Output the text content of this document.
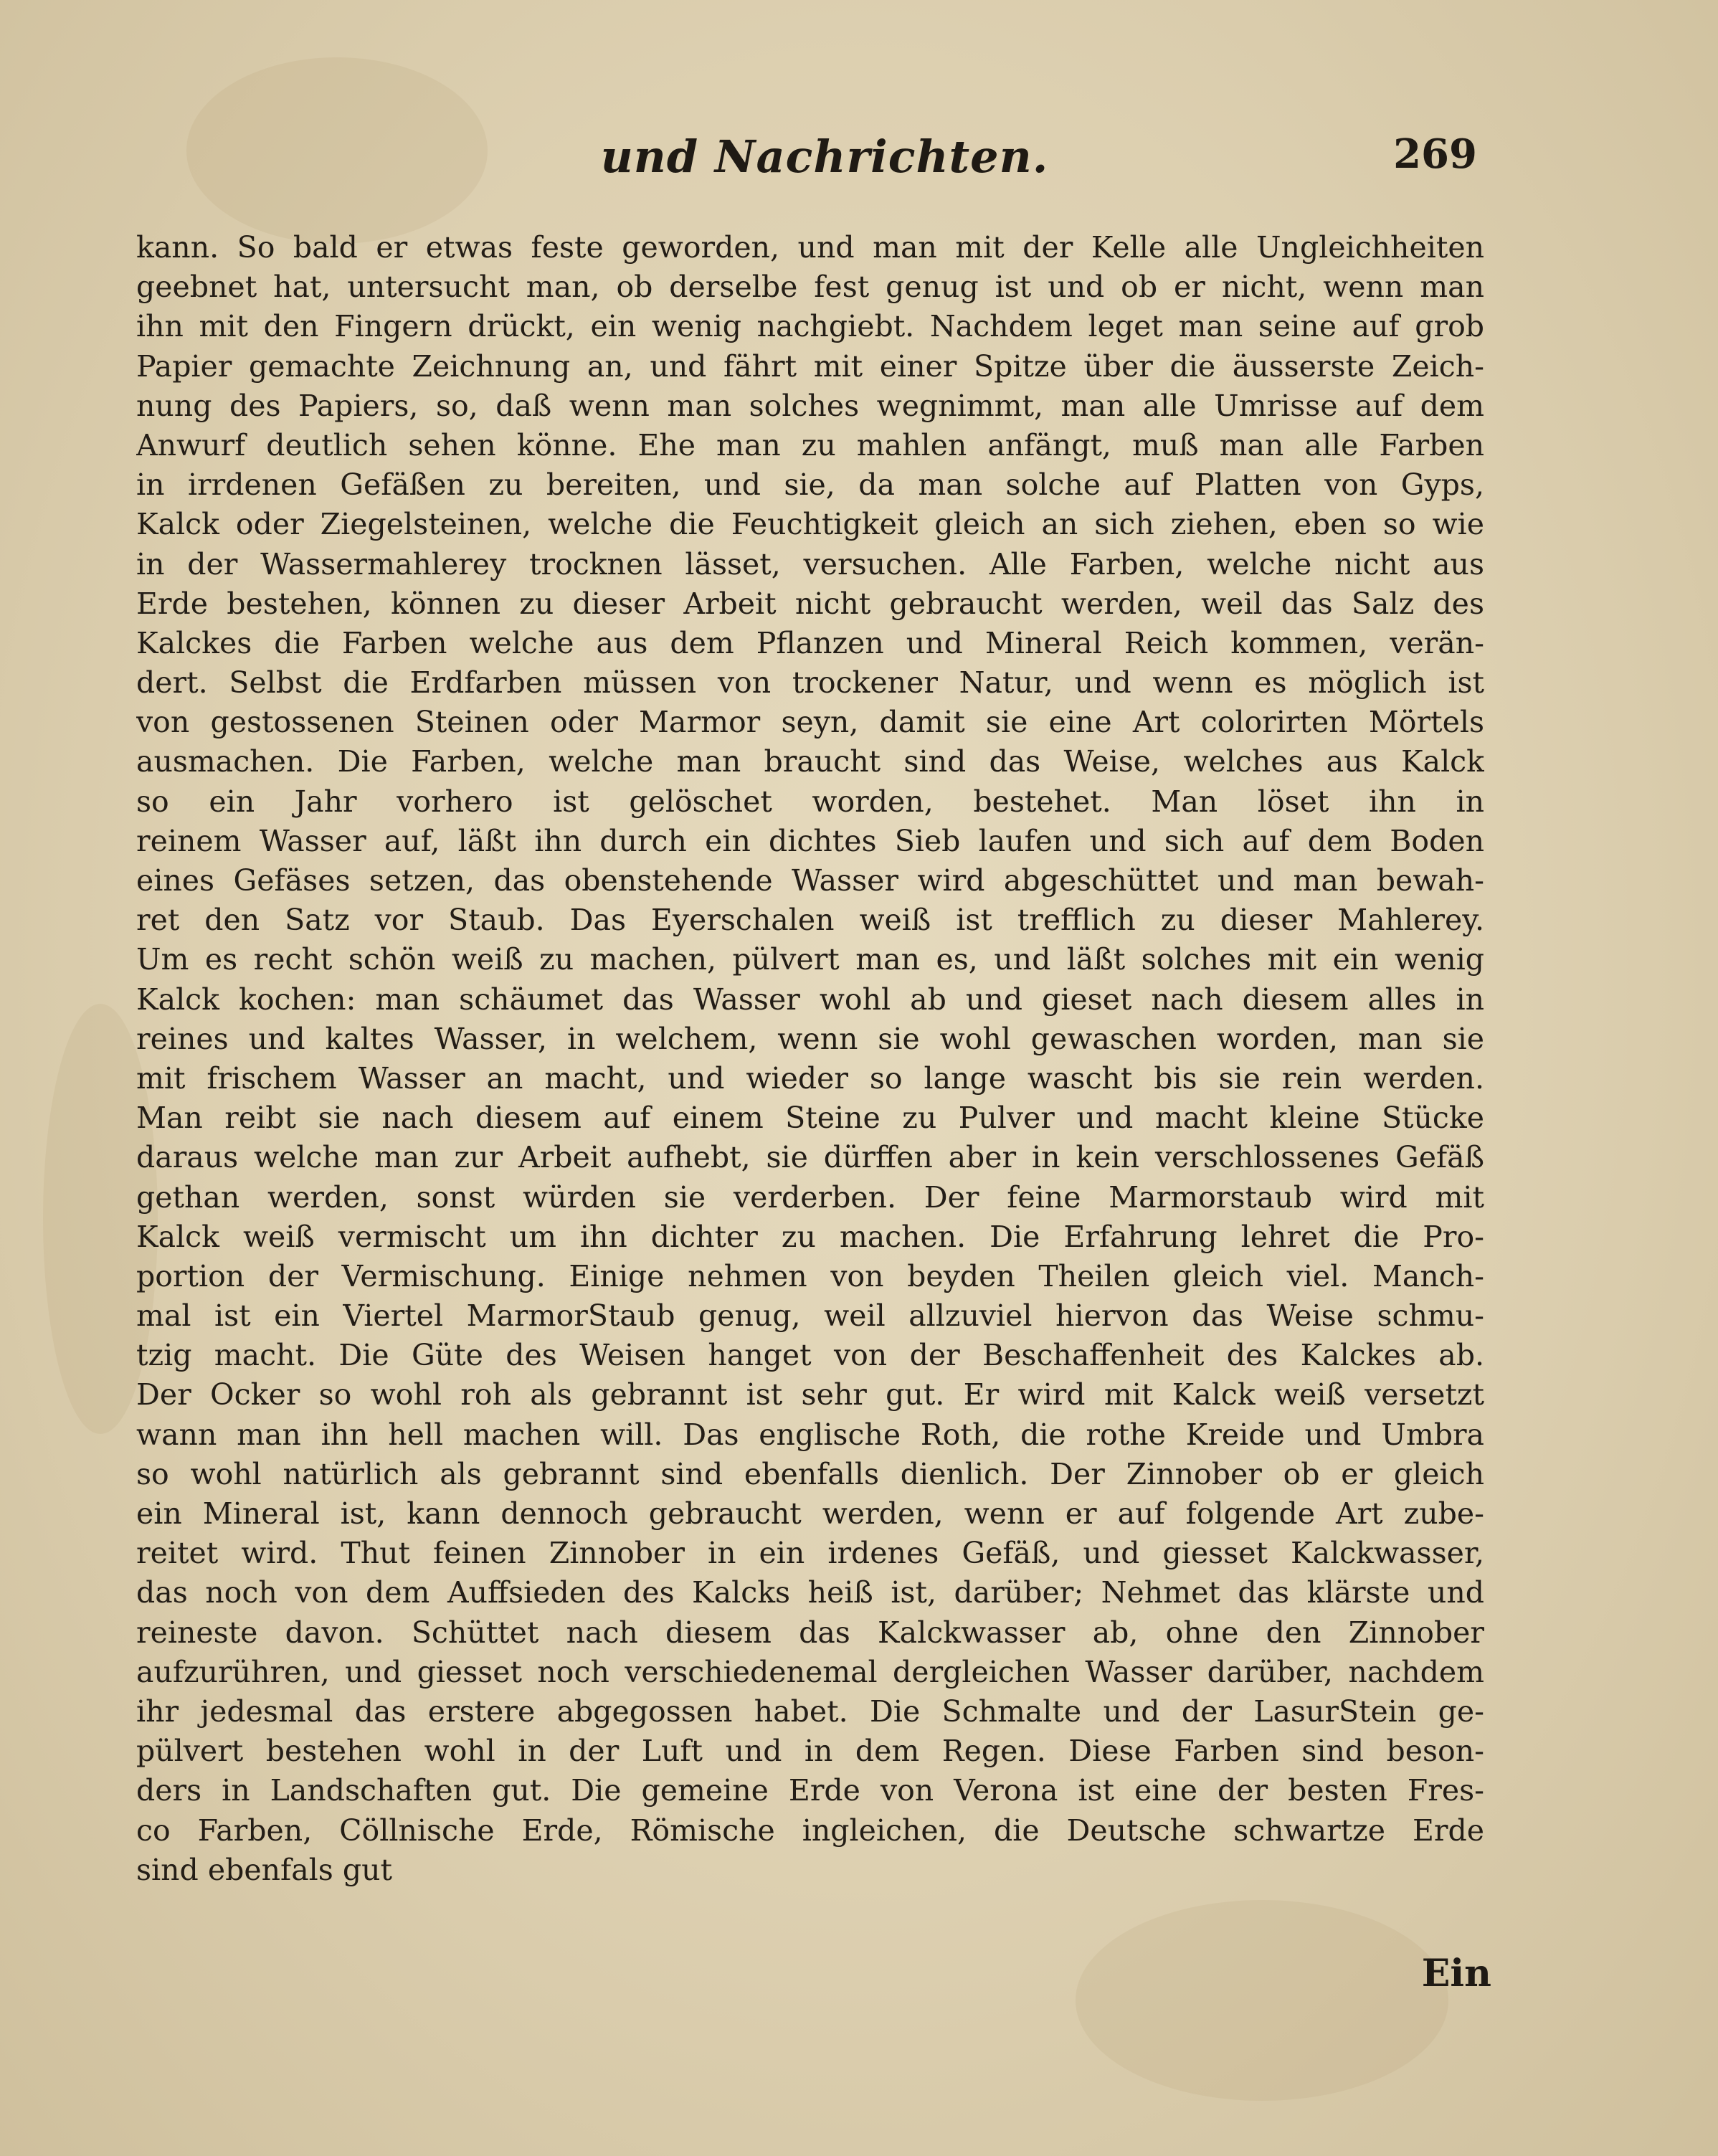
und Nachrichten.	269
kann. So bald er etwas feste geworden, und man mit der Kelle alle Ungleichheiten
geebnet hat, untersucht man, ob derselbe fest genug ist und ob er nicht, wenn man
ihn mit den Fingern drückt, ein wenig nachgiebt. Nachdem leget man seine auf grob
Papier gemachte Zeichnung an, und fährt mit einer Spitze über die äusserste Zeich-
nung des Papiers, so, daß wenn man solches wegnimmt, man alle Umrisse auf dem
Anwurf deutlich sehen könne. Ehe man zu mahlen anfängt, muß man alle Farben
in irrdenen Gefäßen zu bereiten, und sie, da man solche auf Platten von Gyps,
Kalck oder Ziegelsteinen, welche die Feuchtigkeit gleich an sich ziehen, eben so wie
in der Wassermahlerey trocknen lässet, versuchen. Alle Farben, welche nicht aus
Erde bestehen, können zu dieser Arbeit nicht gebraucht werden, weil das Salz des
Kalckes die Farben welche aus dem Pflanzen und Mineral Reich kommen, verän-
dert. Selbst die Erdfarben müssen von trockener Natur, und wenn es möglich ist
von gestossenen Steinen oder Marmor seyn, damit sie eine Art colorirten Mörtels
ausmachen. Die Farben, welche man braucht sind das Weise, welches aus Kalck
so ein Jahr vorhero ist gelöschet worden, bestehet. Man löset ihn in
reinem Wasser auf, läßt ihn durch ein dichtes Sieb laufen und sich auf dem Boden
eines Gefäses setzen, das obenstehende Wasser wird abgeschüttet und man bewah-
ret den Satz vor Staub. Das Eyerschalen weiß ist trefflich zu dieser Mahlerey.
Um es recht schön weiß zu machen, pülvert man es, und läßt solches mit ein wenig
Kalck kochen: man schäumet das Wasser wohl ab und gieset nach diesem alles in
reines und kaltes Wasser, in welchem, wenn sie wohl gewaschen worden, man sie
mit frischem Wasser an macht, und wieder so lange wascht bis sie rein werden.
Man reibt sie nach diesem auf einem Steine zu Pulver und macht kleine Stücke
daraus welche man zur Arbeit aufhebt, sie dürffen aber in kein verschlossenes Gefäß
gethan werden, sonst würden sie verderben. Der feine Marmorstaub wird mit
Kalck weiß vermischt um ihn dichter zu machen. Die Erfahrung lehret die Pro-
portion der Vermischung. Einige nehmen von beyden Theilen gleich viel. Manch-
mal ist ein Viertel MarmorStaub genug, weil allzuviel hiervon das Weise schmu-
tzig macht. Die Güte des Weisen hanget von der Beschaffenheit des Kalckes ab.
Der Ocker so wohl roh als gebrannt ist sehr gut. Er wird mit Kalck weiß versetzt
wann man ihn hell machen will. Das englische Roth, die rothe Kreide und Umbra
so wohl natürlich als gebrannt sind ebenfalls dienlich. Der Zinnober ob er gleich
ein Mineral ist, kann dennoch gebraucht werden, wenn er auf folgende Art zube-
reitet wird. Thut feinen Zinnober in ein irdenes Gefäß, und giesset Kalckwasser,
das noch von dem Auffsieden des Kalcks heiß ist, darüber; Nehmet das klärste und
reineste davon. Schüttet nach diesem das Kalckwasser ab, ohne den Zinnober
aufzurühren, und giesset noch verschiedenemal dergleichen Wasser darüber, nachdem
ihr jedesmal das erstere abgegossen habet. Die Schmalte und der LasurStein ge-
pülvert bestehen wohl in der Luft und in dem Regen. Diese Farben sind beson-
ders in Landschaften gut. Die gemeine Erde von Verona ist eine der besten Fres-
co Farben, Cöllnische Erde, Römische ingleichen, die Deutsche schwartze Erde
sind ebenfals gut
Ein
